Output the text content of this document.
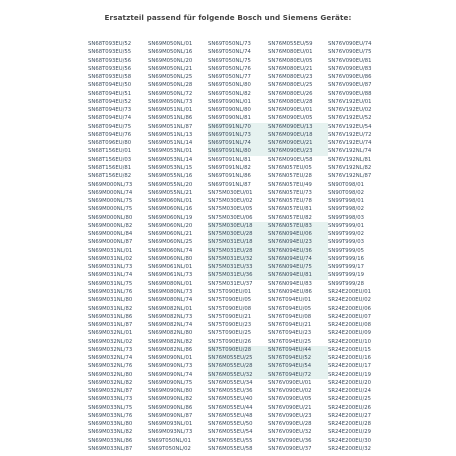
Ersatzteil passend für folgende Bosch und Siemens Geräte:
SN68T093EU/52
SN68T093EU/55
SN68T093EU/56
SN68T093EU/56
SN68T093EU/58
SN68T094EU/50
SN68T094EU/51
SN68T094EU/52
SN68T094EU/73
SN68T094EU/74
SN68T094EU/75
SN68T094EU/76
SN68T096EU/80
SN68T156EU/01
SN68T156EU/03
SN68T156EU/81
SN68T156EU/82
SN69M000NL/73
SN69M000NL/74
SN69M000NL/75
SN69M000NL/75
SN69M000NL/80
SN69M000NL/82
SN69M000NL/84
SN69M000NL/87
SN69M031NL/01
SN69M031NL/02
SN69M031NL/73
SN69M031NL/74
SN69M031NL/75
SN69M031NL/76
SN69M031NL/80
SN69M031NL/82
SN69M031NL/86
SN69M031NL/87
SN69M032NL/01
SN69M032NL/02
SN69M032NL/73
SN69M032NL/74
SN69M032NL/76
SN69M032NL/80
SN69M032NL/82
SN69M032NL/87
SN69M033NL/73
SN69M033NL/75
SN69M033NL/76
SN69M033NL/80
SN69M033NL/82
SN69M033NL/86
SN69M033NL/87
SN69M050NL/01
SN69M050NL/16
SN69M050NL/20
SN69M050NL/21
SN69M050NL/25
SN69M050NL/28
SN69M050NL/72
SN69M050NL/73
SN69M051NL/01
SN69M051NL/86
SN69M051NL/87
SN69M051NL/13
SN69M051NL/14
SN69M053NL/01
SN69M053NL/14
SN69M053NL/15
SN69M055NL/16
SN69M055NL/20
SN69M055NL/21
SN69M060NL/01
SN69M060NL/16
SN69M060NL/19
SN69M060NL/20
SN69M060NL/21
SN69M060NL/25
SN69M060NL/74
SN69M060NL/80
SN69M061NL/01
SN69M061NL/73
SN69M080NL/01
SN69M080NL/73
SN69M080NL/74
SN69M082NL/01
SN69M082NL/73
SN69M082NL/74
SN69M082NL/80
SN69M082NL/82
SN69M082NL/86
SN69M090NL/01
SN69M090NL/73
SN69M090NL/74
SN69M090NL/75
SN69M090NL/80
SN69M090NL/82
SN69M090NL/86
SN69M090NL/87
SN69M093NL/01
SN69M093NL/73
SN69T050NL/01
SN69T050NL/02
SN69T050NL/73
SN69T050NL/74
SN69T050NL/75
SN69T050NL/76
SN69T050NL/77
SN69T050NL/80
SN69T050NL/82
SN69T090NL/01
SN69T090NL/80
SN69T090NL/81
SN69T091NL/70
SN69T091NL/73
SN69T091NL/74
SN69T091NL/80
SN69T091NL/81
SN69T091NL/82
SN69T091NL/86
SN69T091NL/87
SN75M030EU/01
SN75M030EU/02
SN75M030EU/05
SN75M030EU/06
SN75M030EU/18
SN75M030EU/28
SN75M031EU/18
SN75M031EU/28
SN75M031EU/32
SN75M031EU/33
SN75M031EU/36
SN75M031EU/37
SN75T090EU/01
SN75T090EU/05
SN75T090EU/08
SN75T090EU/21
SN75T090EU/23
SN75T090EU/25
SN75T090EU/26
SN75T090EU/28
SN76M055EU/25
SN76M055EU/28
SN76M055EU/32
SN76M055EU/34
SN76M055EU/36
SN76M055EU/40
SN76M055EU/44
SN76M055EU/48
SN76M055EU/50
SN76M055EU/54
SN76M055EU/55
SN76M055EU/58
SN76M055EU/59
SN76M080EU/01
SN76M080EU/05
SN76M080EU/21
SN76M080EU/23
SN76M080EU/25
SN76M080EU/26
SN76M080EU/28
SN76M090EU/01
SN76M090EU/05
SN76M090EU/13
SN76M090EU/18
SN76M090EU/21
SN76M090EU/23
SN76M090EU/58
SN76N057EU/05
SN76N057EU/28
SN76N057EU/49
SN76N057EU/73
SN76N057EU/78
SN76N057EU/81
SN76N057EU/82
SN76N057EU/83
SN76N094EU/06
SN76N094EU/23
SN76N094EU/36
SN76N094EU/74
SN76N094EU/75
SN76N094EU/81
SN76N094EU/83
SN76N094EU/86
SN76T094EU/01
SN76T094EU/05
SN76T094EU/08
SN76T094EU/21
SN76T094EU/23
SN76T094EU/25
SN76T094EU/44
SN76T094EU/52
SN76T094EU/54
SN76T094EU/72
SN76V090EU/01
SN76V090EU/02
SN76V090EU/05
SN76V090EU/21
SN76V090EU/23
SN76V090EU/28
SN76V090EU/32
SN76V090EU/36
SN76V090EU/37
SN76V090EU/74
SN76V090EU/75
SN76V090EU/81
SN76V090EU/83
SN76V090EU/86
SN76V090EU/87
SN76V090EU/88
SN76V192EU/01
SN76V192EU/02
SN76V192EU/52
SN76V192EU/54
SN76V192EU/72
SN76V192EU/74
SN76V192NL/74
SN76V192NL/81
SN76V192NL/82
SN76V192NL/87
SN90T098/01
SN90T098/02
SN99T998/01
SN99T998/02
SN99T998/03
SN99T999/01
SN99T999/02
SN99T999/03
SN99T999/05
SN99T999/16
SN99T999/17
SN99T999/19
SN99T999/28
SR24E200EU/01
SR24E200EU/02
SR24E200EU/06
SR24E200EU/07
SR24E200EU/08
SR24E200EU/09
SR24E200EU/10
SR24E200EU/15
SR24E200EU/16
SR24E200EU/17
SR24E200EU/19
SR24E200EU/20
SR24E200EU/24
SR24E200EU/25
SR24E200EU/26
SR24E200EU/27
SR24E200EU/28
SR24E200EU/29
SR24E200EU/30
SR24E200EU/32
